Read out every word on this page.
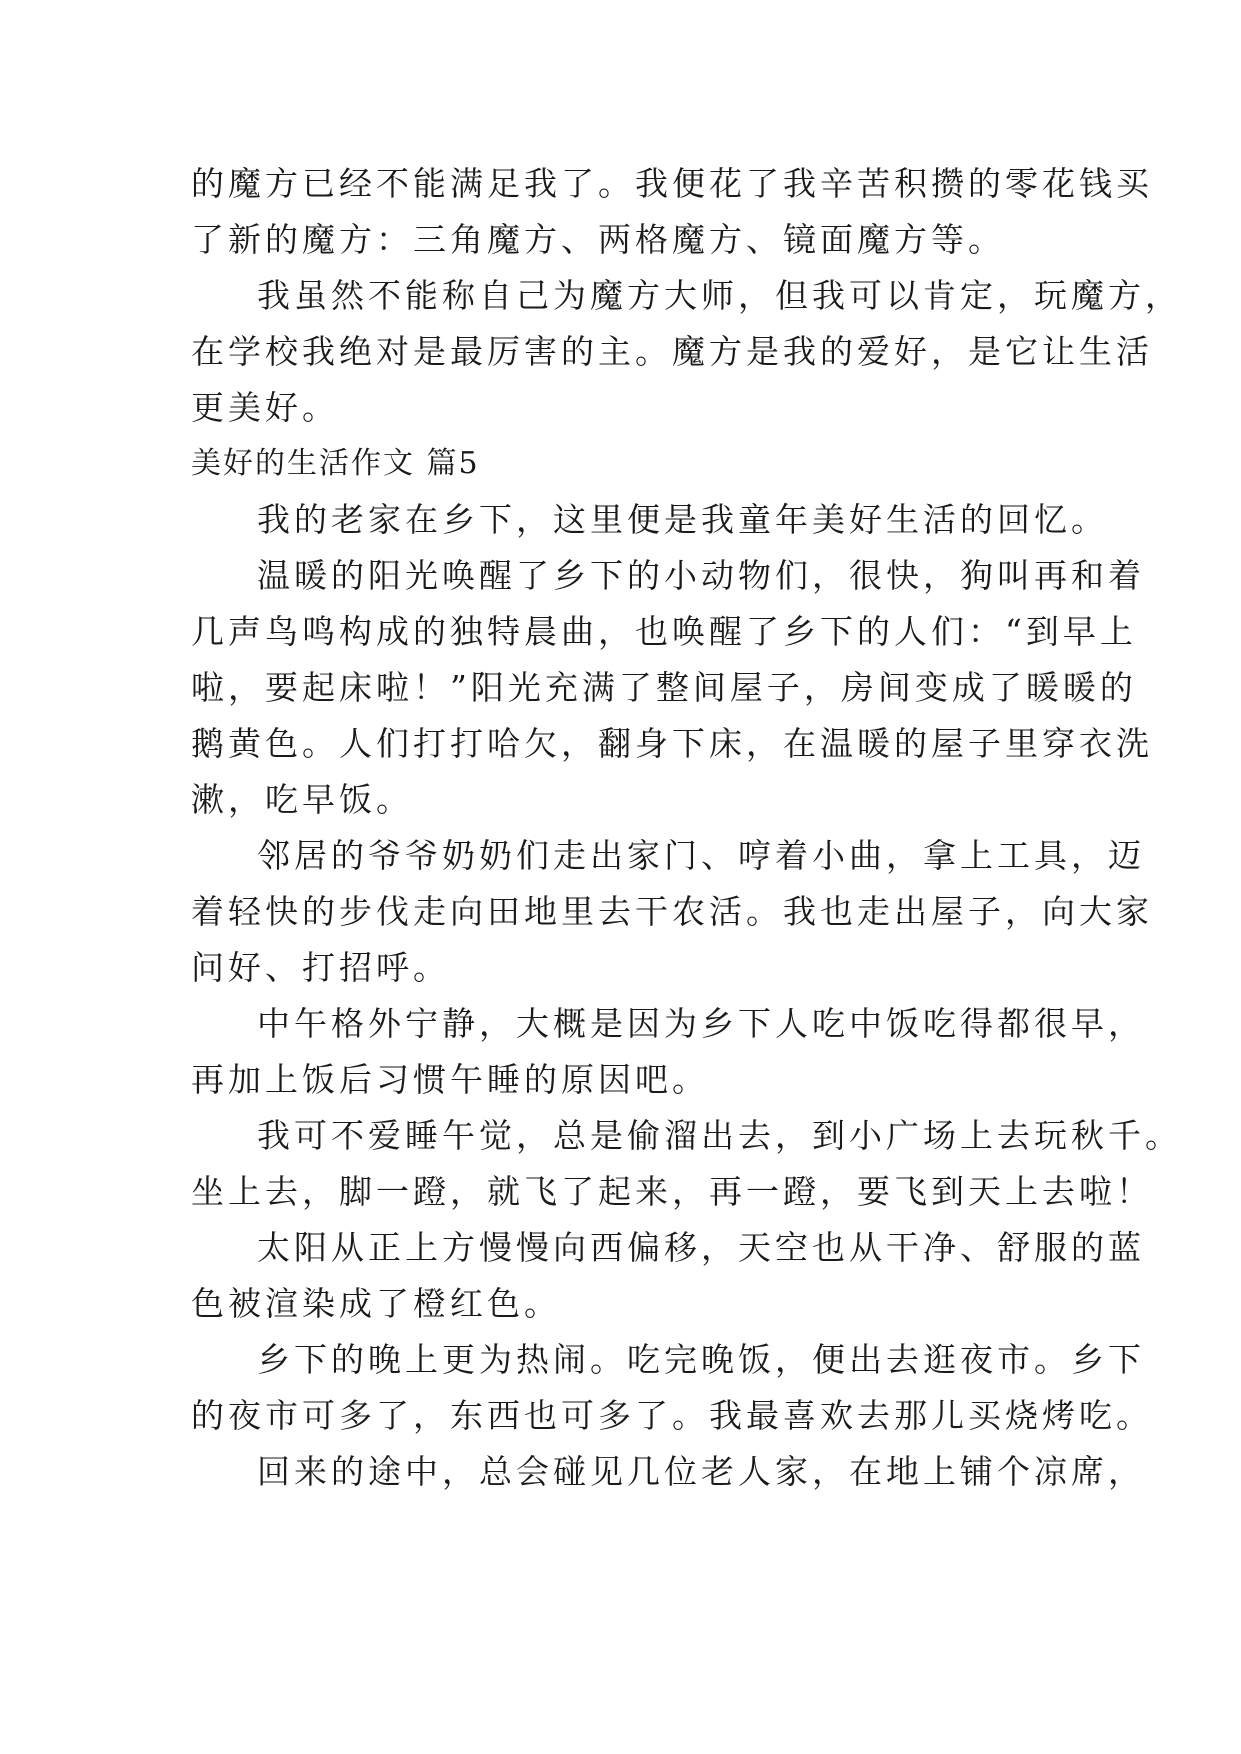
的魔方已经不能满足我了。我便花了我辛苦积攒的零花钱买
了新的魔方：三角魔方、两格魔方、镜面魔方等。
我虽然不能称自己为魔方大师，但我可以肯定，玩魔方，
在学校我绝对是最厉害的主。魔方是我的爱好，是它让生活
更美好。
美好的生活作文 篇5
我的老家在乡下，这里便是我童年美好生活的回忆。
温暖的阳光唤醒了乡下的小动物们，很快，狗叫再和着
几声鸟鸣构成的独特晨曲，也唤醒了乡下的人们：“到早上
啦，要起床啦！”阳光充满了整间屋子，房间变成了暖暖的
鹅黄色。人们打打哈欠，翻身下床，在温暖的屋子里穿衣洗
漱，吃早饭。
邻居的爷爷奶奶们走出家门、哼着小曲，拿上工具，迈
着轻快的步伐走向田地里去干农活。我也走出屋子，向大家
问好、打招呼。
中午格外宁静，大概是因为乡下人吃中饭吃得都很早，
再加上饭后习惯午睡的原因吧。
我可不爱睡午觉，总是偷溜出去，到小广场上去玩秋千。
坐上去，脚一蹬，就飞了起来，再一蹬，要飞到天上去啦！
太阳从正上方慢慢向西偏移，天空也从干净、舒服的蓝
色被渲染成了橙红色。
乡下的晚上更为热闹。吃完晚饭，便出去逛夜市。乡下
的夜市可多了，东西也可多了。我最喜欢去那儿买烧烤吃。
回来的途中，总会碰见几位老人家，在地上铺个凉席，
